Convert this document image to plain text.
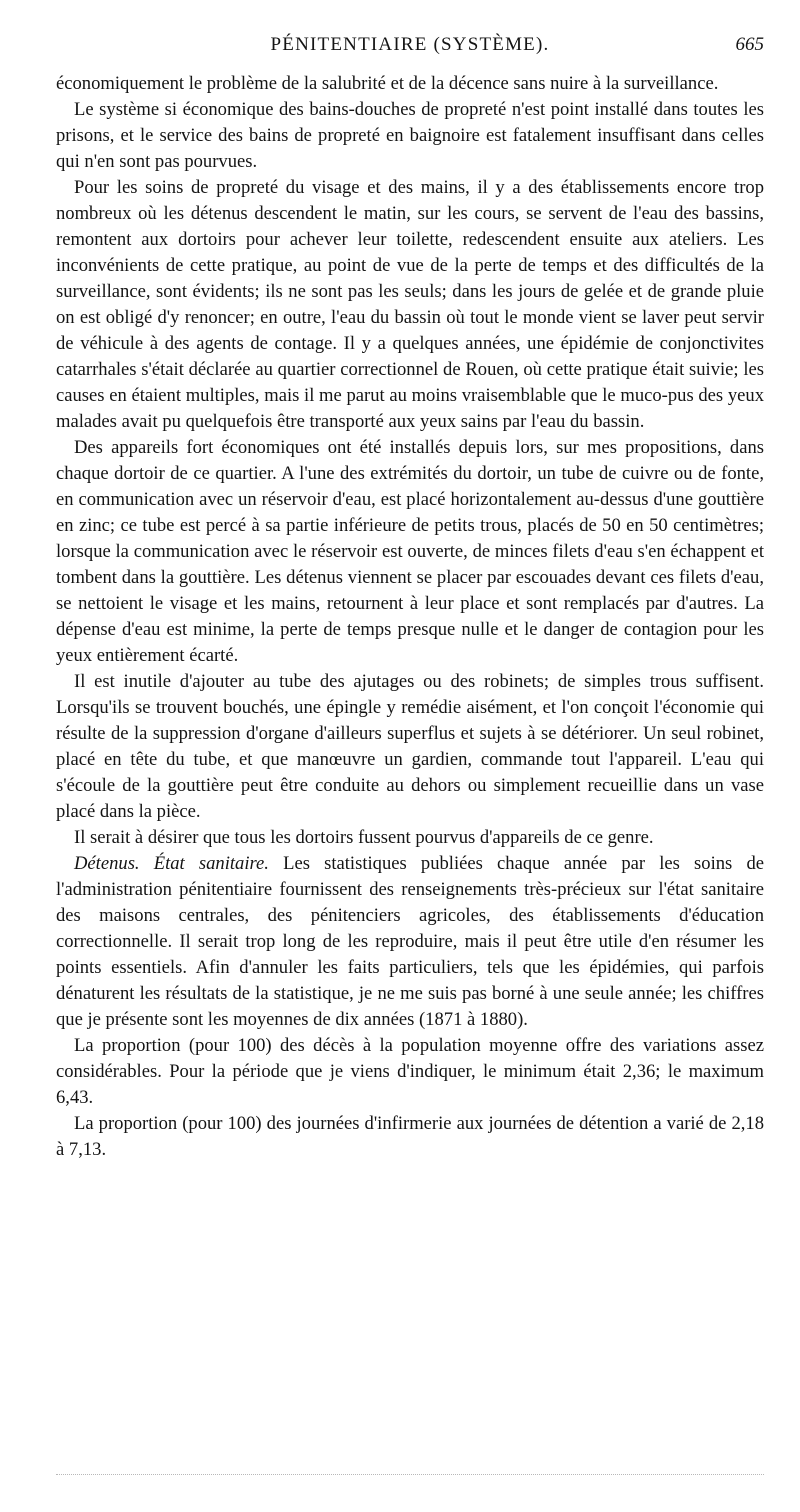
PÉNITENTIAIRE (SYSTÈME).	665

économiquement le problème de la salubrité et de la décence sans nuire à la surveillance.

Le système si économique des bains-douches de propreté n'est point installé dans toutes les prisons, et le service des bains de propreté en baignoire est fatalement insuffisant dans celles qui n'en sont pas pourvues.

Pour les soins de propreté du visage et des mains, il y a des établissements encore trop nombreux où les détenus descendent le matin, sur les cours, se servent de l'eau des bassins, remontent aux dortoirs pour achever leur toilette, redescendent ensuite aux ateliers. Les inconvénients de cette pratique, au point de vue de la perte de temps et des difficultés de la surveillance, sont évidents; ils ne sont pas les seuls; dans les jours de gelée et de grande pluie on est obligé d'y renoncer; en outre, l'eau du bassin où tout le monde vient se laver peut servir de véhicule à des agents de contage. Il y a quelques années, une épidémie de conjonctivites catarrhales s'était déclarée au quartier correctionnel de Rouen, où cette pratique était suivie; les causes en étaient multiples, mais il me parut au moins vraisemblable que le muco-pus des yeux malades avait pu quelquefois être transporté aux yeux sains par l'eau du bassin.

Des appareils fort économiques ont été installés depuis lors, sur mes propositions, dans chaque dortoir de ce quartier. A l'une des extrémités du dortoir, un tube de cuivre ou de fonte, en communication avec un réservoir d'eau, est placé horizontalement au-dessus d'une gouttière en zinc; ce tube est percé à sa partie inférieure de petits trous, placés de 50 en 50 centimètres; lorsque la communication avec le réservoir est ouverte, de minces filets d'eau s'en échappent et tombent dans la gouttière. Les détenus viennent se placer par escouades devant ces filets d'eau, se nettoient le visage et les mains, retournent à leur place et sont remplacés par d'autres. La dépense d'eau est minime, la perte de temps presque nulle et le danger de contagion pour les yeux entièrement écarté.

Il est inutile d'ajouter au tube des ajutages ou des robinets; de simples trous suffisent. Lorsqu'ils se trouvent bouchés, une épingle y remédie aisément, et l'on conçoit l'économie qui résulte de la suppression d'organe d'ailleurs superflus et sujets à se détériorer. Un seul robinet, placé en tête du tube, et que manœuvre un gardien, commande tout l'appareil. L'eau qui s'écoule de la gouttière peut être conduite au dehors ou simplement recueillie dans un vase placé dans la pièce.

Il serait à désirer que tous les dortoirs fussent pourvus d'appareils de ce genre.

Détenus. État sanitaire. Les statistiques publiées chaque année par les soins de l'administration pénitentiaire fournissent des renseignements très-précieux sur l'état sanitaire des maisons centrales, des pénitenciers agricoles, des établissements d'éducation correctionnelle. Il serait trop long de les reproduire, mais il peut être utile d'en résumer les points essentiels. Afin d'annuler les faits particuliers, tels que les épidémies, qui parfois dénaturent les résultats de la statistique, je ne me suis pas borné à une seule année; les chiffres que je présente sont les moyennes de dix années (1871 à 1880).

La proportion (pour 100) des décès à la population moyenne offre des variations assez considérables. Pour la période que je viens d'indiquer, le minimum était 2,36; le maximum 6,43.

La proportion (pour 100) des journées d'infirmerie aux journées de détention a varié de 2,18 à 7,13.
